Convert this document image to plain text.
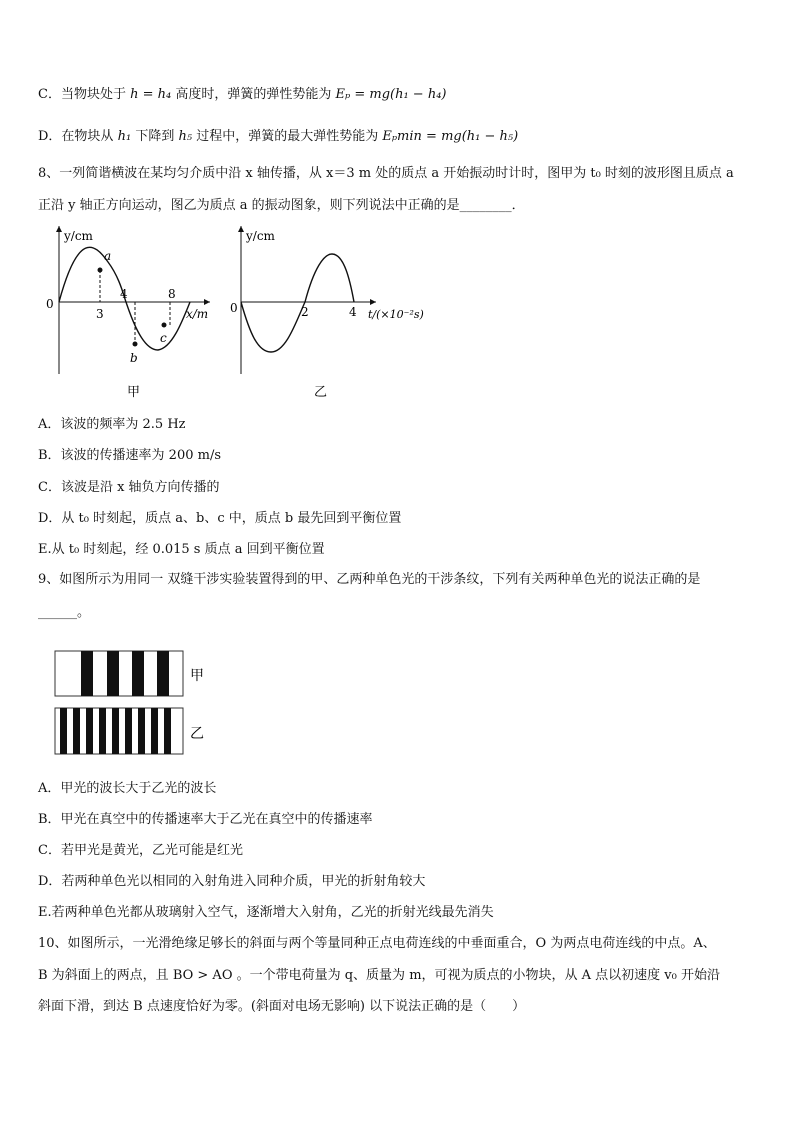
C．当物块处于 h = h₄ 高度时，弹簧的弹性势能为 Eₚ = mg(h₁ − h₄)
D．在物块从 h₁ 下降到 h₅ 过程中，弹簧的最大弹性势能为 Eₚmin = mg(h₁ − h₅)
8、一列简谐横波在某均匀介质中沿 x 轴传播，从 x＝3 m 处的质点 a 开始振动时计时，图甲为 t₀ 时刻的波形图且质点 a
正沿 y 轴正方向运动，图乙为质点 a 的振动图象，则下列说法中正确的是________．
y/cm
x/m
0
3
4	8
a
b
c
甲
y/cm
t/(×10⁻²s)
0	2	4
乙
A．该波的频率为 2.5 Hz
B．该波的传播速率为 200 m/s
C．该波是沿 x 轴负方向传播的
D．从 t₀ 时刻起，质点 a、b、c 中，质点 b 最先回到平衡位置
E.从 t₀ 时刻起，经 0.015 s 质点 a 回到平衡位置
9、如图所示为用同一 双缝干涉实验装置得到的甲、乙两种单色光的干涉条纹，下列有关两种单色光的说法正确的是
______。
甲
乙
A．甲光的波长大于乙光的波长
B．甲光在真空中的传播速率大于乙光在真空中的传播速率
C．若甲光是黄光，乙光可能是红光
D．若两种单色光以相同的入射角进入同种介质，甲光的折射角较大
E.若两种单色光都从玻璃射入空气，逐渐增大入射角，乙光的折射光线最先消失
10、如图所示，一光滑绝缘足够长的斜面与两个等量同种正点电荷连线的中垂面重合，O 为两点电荷连线的中点。A、
B 为斜面上的两点，且 BO > AO 。一个带电荷量为 q、质量为 m，可视为质点的小物块，从 A 点以初速度 v₀ 开始沿
斜面下滑，到达 B 点速度恰好为零。(斜面对电场无影响) 以下说法正确的是（　　）
